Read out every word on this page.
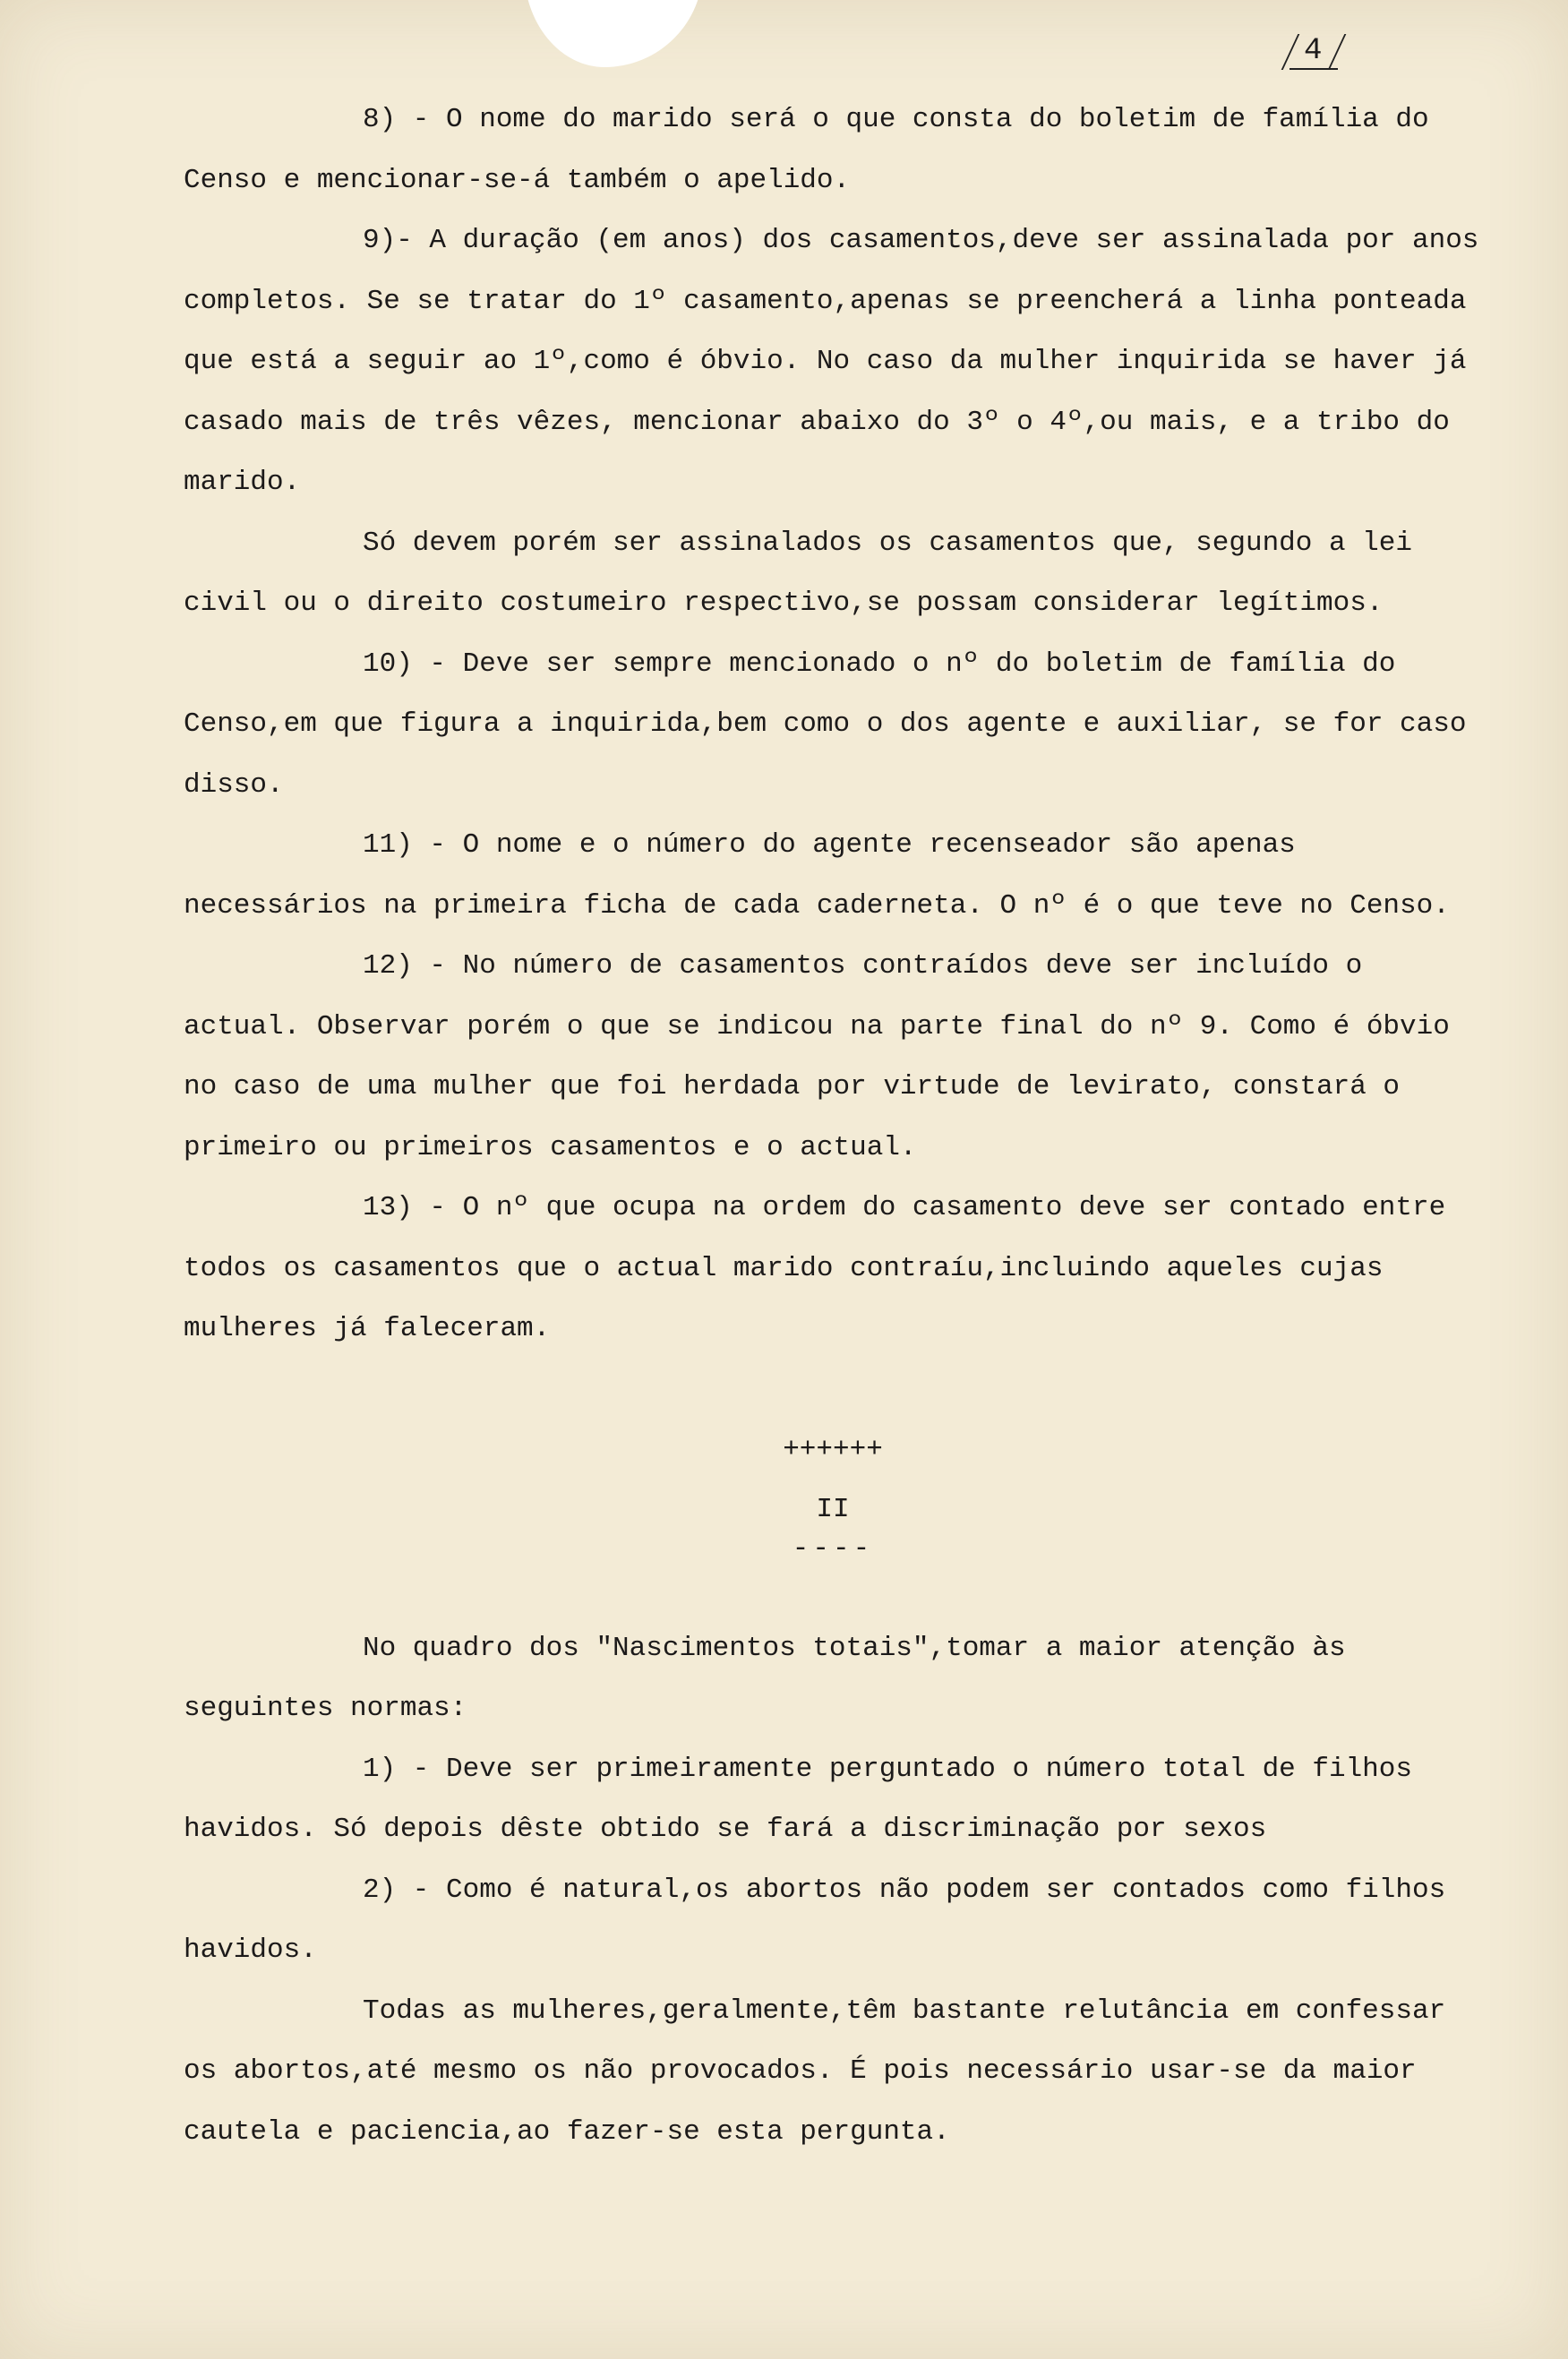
4

8) - O nome do marido será o que consta do boletim de família do Censo e mencionar-se-á também o apelido.

9)- A duração (em anos) dos casamentos,deve ser assinalada por anos completos. Se se tratar do 1º casamento,apenas se preencherá a linha ponteada que está a seguir ao 1º,como é óbvio. No caso da mulher inquirida se haver já casado mais de três vêzes, mencionar abaixo do 3º o 4º,ou mais, e a tribo do marido.

Só devem porém ser assinalados os casamentos que, segundo a lei civil ou o direito costumeiro respectivo,se possam considerar legítimos.

10) - Deve ser sempre mencionado o nº do boletim de família do Censo,em que figura a inquirida,bem como o dos agente e auxiliar, se for caso disso.

11) - O nome e o número do agente recenseador são apenas necessários na primeira ficha de cada caderneta. O nº é o que teve no Censo.

12) - No número de casamentos contraídos deve ser incluído o actual. Observar porém o que se indicou na parte final do nº 9. Como é óbvio no caso de uma mulher que foi herdada por virtude de levirato, constará o primeiro ou primeiros casamentos e o actual.

13) - O nº que ocupa na ordem do casamento deve ser contado entre todos os casamentos que o actual marido contraíu,incluindo aqueles cujas mulheres já faleceram.

++++++

II

----

No quadro dos "Nascimentos totais",tomar a maior atenção às seguintes normas:

1) - Deve ser primeiramente perguntado o número total de filhos havidos. Só depois dêste obtido se fará a discriminação por sexos

2) - Como é natural,os abortos não podem ser contados como filhos havidos.

Todas as mulheres,geralmente,têm bastante relutância em confessar os abortos,até mesmo os não provocados. É pois necessário usar-se da maior cautela e paciencia,ao fazer-se esta pergunta.
